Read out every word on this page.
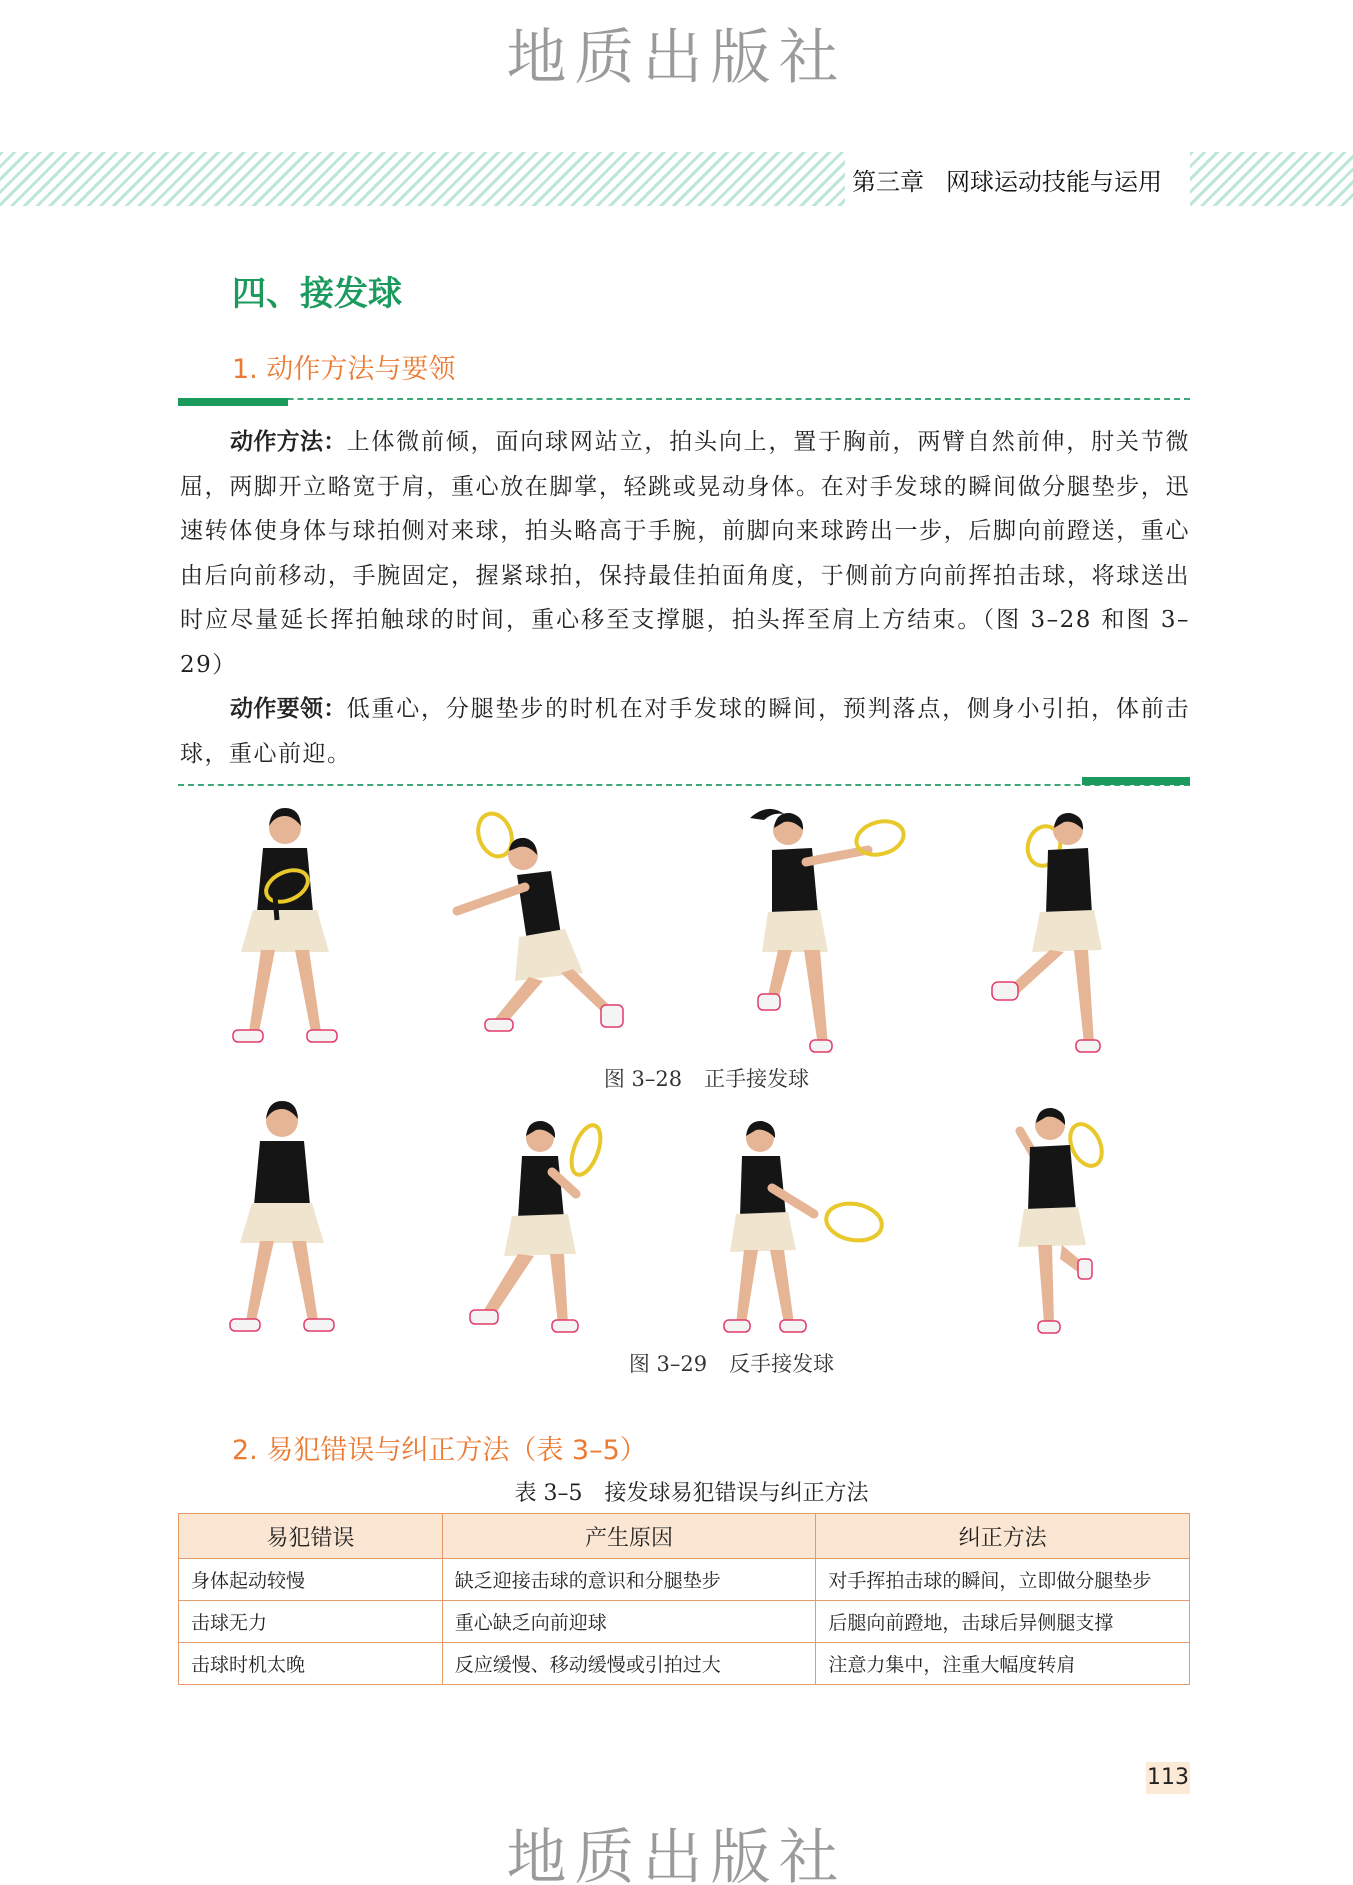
地质出版社
第三章 网球运动技能与运用
四、接发球
1. 动作方法与要领

动作方法：上体微前倾，面向球网站立，拍头向上，置于胸前，两臂自然前伸，肘关节微屈，两脚开立略宽于肩，重心放在脚掌，轻跳或晃动身体。在对手发球的瞬间做分腿垫步，迅速转体使身体与球拍侧对来球，拍头略高于手腕，前脚向来球跨出一步，后脚向前蹬送，重心由后向前移动，手腕固定，握紧球拍，保持最佳拍面角度，于侧前方向前挥拍击球，将球送出时应尽量延长挥拍触球的时间，重心移至支撑腿，拍头挥至肩上方结束。（图 3–28 和图 3–29）

动作要领：低重心，分腿垫步的时机在对手发球的瞬间，预判落点，侧身小引拍，体前击球，重心前迎。

图 3–28 正手接发球
图 3–29 反手接发球
2. 易犯错误与纠正方法（表 3–5）
表 3–5 接发球易犯错误与纠正方法
易犯错误	产生原因	纠正方法
身体起动较慢	缺乏迎接击球的意识和分腿垫步	对手挥拍击球的瞬间，立即做分腿垫步
击球无力	重心缺乏向前迎球	后腿向前蹬地，击球后异侧腿支撑
击球时机太晚	反应缓慢、移动缓慢或引拍过大	注意力集中，注重大幅度转肩
113
地质出版社
